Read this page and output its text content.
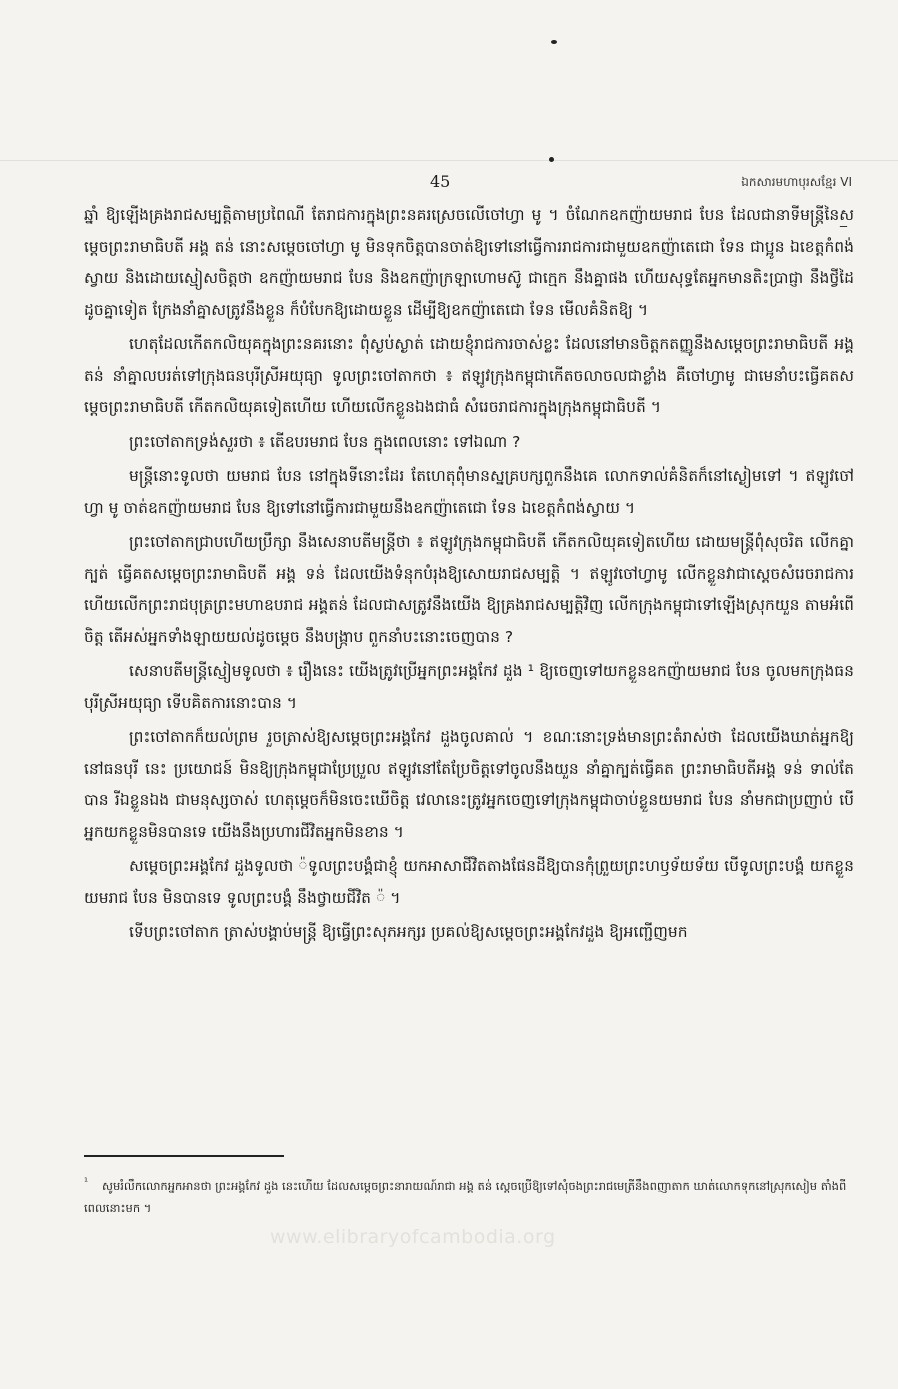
45	ឯកសារមហាបុរសខ្មែរ VI
‾

ឆ្នាំ ឱ្យឡើងគ្រងរាជសម្បត្តិតាមប្រពៃណី តែរាជការក្នុងព្រះនគរស្រេចលើចៅហ្វា មូ ។ ចំណែកឧកញ៉ាយមរាជ បែន ដែលជានាទីមន្ត្រីនៃសម្តេចព្រះរាមាធិបតី អង្គ តន់ នោះសម្តេចចៅហ្វា មូ មិនទុកចិត្តបានចាត់ឱ្យទៅនៅធ្វើការរាជការជាមួយឧកញ៉ាតេជោ ទែន ជាប្អូន ឯខេត្តកំពង់ស្វាយ និងដោយស្មៀសចិត្តថា ឧកញ៉ាយមរាជ បែន និងឧកញ៉ាក្រឡាហោមស៊ូ ជាក្មេក នឹងគ្នាផង ហើយសុទ្ធតែអ្នកមានតិះប្រាជ្ញា នឹងថ្វីដៃ ដូចគ្នាទៀត ក្រែងនាំគ្នាសត្រូវនឹងខ្លួន ក៏បំបែកឱ្យដោយខ្លួន ដើម្បីឱ្យឧកញ៉ាតេជោ ទែន មើលគំនិតឱ្យ ។

ហេតុដែលកើតកលិយុគក្នុងព្រះនគរនោះ ពុំស្ងប់ស្ងាត់ ដោយខ្ញុំរាជការចាស់ខ្លះ ដែលនៅមានចិត្តកតញ្ញូនឹងសម្តេចព្រះរាមាធិបតី អង្គ តន់ នាំគ្នាលបរត់ទៅក្រុងធនបុរីស្រីអយុធ្យា ទូលព្រះចៅតាកថា ៖ ឥឡូវក្រុងកម្ពុជាកើតចលាចលជាខ្លាំង គឺចៅហ្វាមូ ជាមេនាំបះធ្វើគតសម្តេចព្រះរាមាធិបតី កើតកលិយុគទៀតហើយ ហើយលើកខ្លួនឯងជាធំ សំរេចរាជការក្នុងក្រុងកម្ពុជាធិបតី ។

ព្រះចៅតាកទ្រង់សួរថា ៖ តើឧបរមរាជ បែន ក្នុងពេលនោះ ទៅឯណា ?

មន្ត្រីនោះទូលថា យមរាជ បែន នៅក្នុងទីនោះដែរ តែហេតុពុំមានស្នគ្របក្សពួកនឹងគេ លោកទាល់គំនិតក៏នៅស្ងៀមទៅ ។ ឥឡូវចៅហ្វា មូ ចាត់ឧកញ៉ាយមរាជ បែន ឱ្យទៅនៅធ្វើការជាមួយនឹងឧកញ៉ាតេជោ ទែន ឯខេត្តកំពង់ស្វាយ ។

ព្រះចៅតាកជ្រាបហើយប្រឹក្សា នឹងសេនាបតីមន្ត្រីថា ៖ ឥឡូវក្រុងកម្ពុជាធិបតី កើតកលិយុគទៀតហើយ ដោយមន្ត្រីពុំសុចរិត លើកគ្នាក្បត់ ធ្វើគតសម្តេចព្រះរាមាធិបតី អង្គ ទន់ ដែលយើងទំនុកបំរុងឱ្យសោយរាជសម្បត្តិ ។ ឥឡូវចៅហ្វាមូ លើកខ្លួនវាជាស្តេចសំរេចរាជការ ហើយលើកព្រះរាជបុត្រព្រះមហាឧបរាជ អង្គតន់ ដែលជាសត្រូវនឹងយើង ឱ្យគ្រងរាជសម្បត្តិវិញ លើកក្រុងកម្ពុជាទៅឡើងស្រុកយួន តាមអំពើចិត្ត តើអស់អ្នកទាំងឡាយយល់ដូចម្តេច នឹងបង្ក្រាប ពួកនាំបះនោះចេញបាន ?

សេនាបតីមន្ត្រីស្មៀមទូលថា ៖ រឿងនេះ យើងត្រូវប្រើអ្នកព្រះអង្គកែវ ដួង ¹ ឱ្យចេញទៅយកខ្លួនឧកញ៉ាយមរាជ បែន ចូលមកក្រុងធនបុរីស្រីអយុធ្យា ទើបគិតការនោះបាន ។

ព្រះចៅតាកក៏យល់ព្រម រួចត្រាស់ឱ្យសម្តេចព្រះអង្គកែវ ដួងចូលគាល់ ។ ខណៈនោះទ្រង់មានព្រះតំរាស់ថា ដែលយើងឃាត់អ្នកឱ្យនៅធនបុរី នេះ ប្រយោជន៍ មិនឱ្យក្រុងកម្ពុជាប្រែប្រួល ឥឡូវនៅតែប្រែចិត្តទៅចូលនឹងយួន នាំគ្នាក្បត់ធ្វើគត ព្រះរាមាធិបតីអង្គ ទន់ ទាល់តែបាន រីឯខ្លួនឯង ជាមនុស្សចាស់ ហេតុម្តេចក៏មិនចេះឃើចិត្ត វេលានេះត្រូវអ្នកចេញទៅក្រុងកម្ពុជាចាប់ខ្លួនយមរាជ បែន នាំមកជាប្រញាប់ បើអ្នកយកខ្លួនមិនបានទេ យើងនឹងប្រហារជីវិតអ្នកមិនខាន ។

សម្តេចព្រះអង្គកែវ ដួងទូលថា ៉ទូលព្រះបង្គំជាខ្ញុំ យកអាសាជីវិតតាងផែនដីឱ្យបានកុំព្រួយព្រះហឫទ័យទ័យ បើទូលព្រះបង្គំ យកខ្លួនយមរាជ បែន មិនបានទេ ទូលព្រះបង្គំ នឹងថ្វាយជីវិត ៉ ។

ទើបព្រះចៅតាក ត្រាស់បង្គាប់មន្ត្រី ឱ្យធ្វើព្រះសុភអក្សរ ប្រគល់ឱ្យសម្តេចព្រះអង្គកែវដួង ឱ្យអញ្ជើញមក

¹ សូមរំលឹកលោកអ្នកអានថា ព្រះអង្គកែវ ដួង នេះហើយ ដែលសម្តេចព្រះនារាយណ៍រាជា អង្គ តន់ ស្តេចប្រើឱ្យទៅសុំចងព្រះរាជមេត្រីនឹងពញាតាក ឃាត់លោកទុកនៅស្រុកសៀម តាំងពីពេលនោះមក ។
www.elibraryofcambodia.org
